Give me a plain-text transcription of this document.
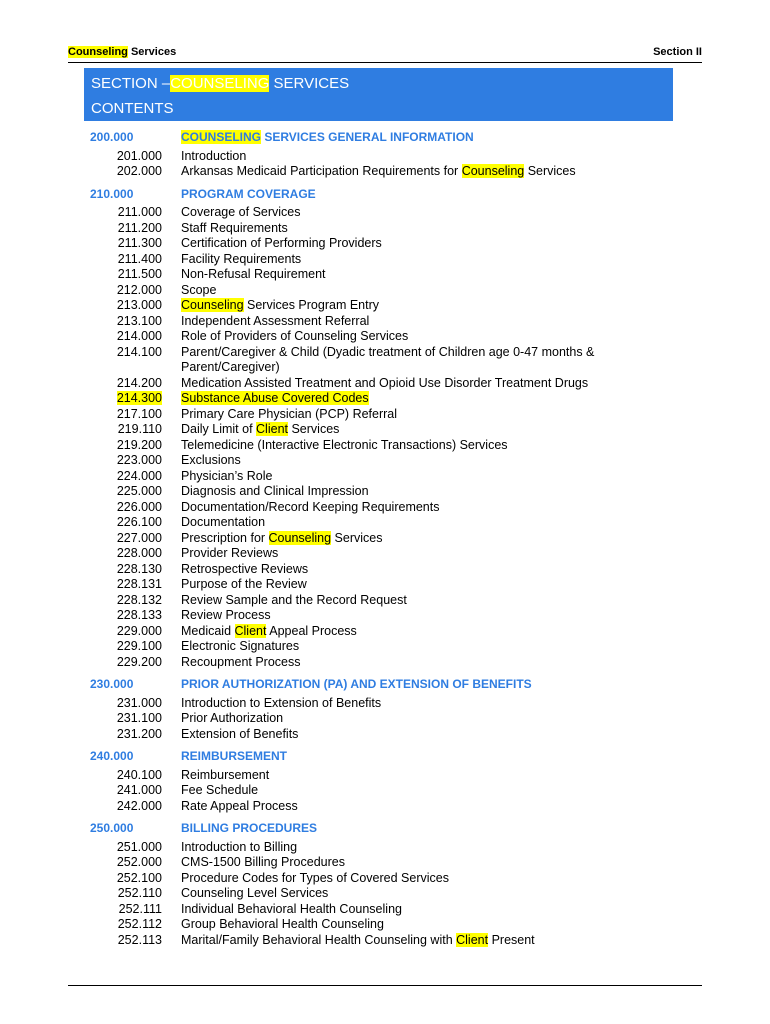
Counseling Services	Section II
SECTION –COUNSELING SERVICES
CONTENTS
200.000	COUNSELING SERVICES GENERAL INFORMATION
201.000 Introduction
202.000 Arkansas Medicaid Participation Requirements for Counseling Services
210.000	PROGRAM COVERAGE
211.000 Coverage of Services
211.200 Staff Requirements
211.300 Certification of Performing Providers
211.400 Facility Requirements
211.500 Non-Refusal Requirement
212.000 Scope
213.000 Counseling Services Program Entry
213.100 Independent Assessment Referral
214.000 Role of Providers of Counseling Services
214.100 Parent/Caregiver & Child (Dyadic treatment of Children age 0-47 months & Parent/Caregiver)
214.200 Medication Assisted Treatment and Opioid Use Disorder Treatment Drugs
214.300 Substance Abuse Covered Codes
217.100 Primary Care Physician (PCP) Referral
219.110 Daily Limit of Client Services
219.200 Telemedicine (Interactive Electronic Transactions) Services
223.000 Exclusions
224.000 Physician’s Role
225.000 Diagnosis and Clinical Impression
226.000 Documentation/Record Keeping Requirements
226.100 Documentation
227.000 Prescription for Counseling Services
228.000 Provider Reviews
228.130 Retrospective Reviews
228.131 Purpose of the Review
228.132 Review Sample and the Record Request
228.133 Review Process
229.000 Medicaid Client Appeal Process
229.100 Electronic Signatures
229.200 Recoupment Process
230.000	PRIOR AUTHORIZATION (PA) AND EXTENSION OF BENEFITS
231.000 Introduction to Extension of Benefits
231.100 Prior Authorization
231.200 Extension of Benefits
240.000	REIMBURSEMENT
240.100 Reimbursement
241.000 Fee Schedule
242.000 Rate Appeal Process
250.000	BILLING PROCEDURES
251.000 Introduction to Billing
252.000 CMS-1500 Billing Procedures
252.100 Procedure Codes for Types of Covered Services
252.110 Counseling Level Services
252.111 Individual Behavioral Health Counseling
252.112 Group Behavioral Health Counseling
252.113 Marital/Family Behavioral Health Counseling with Client Present
